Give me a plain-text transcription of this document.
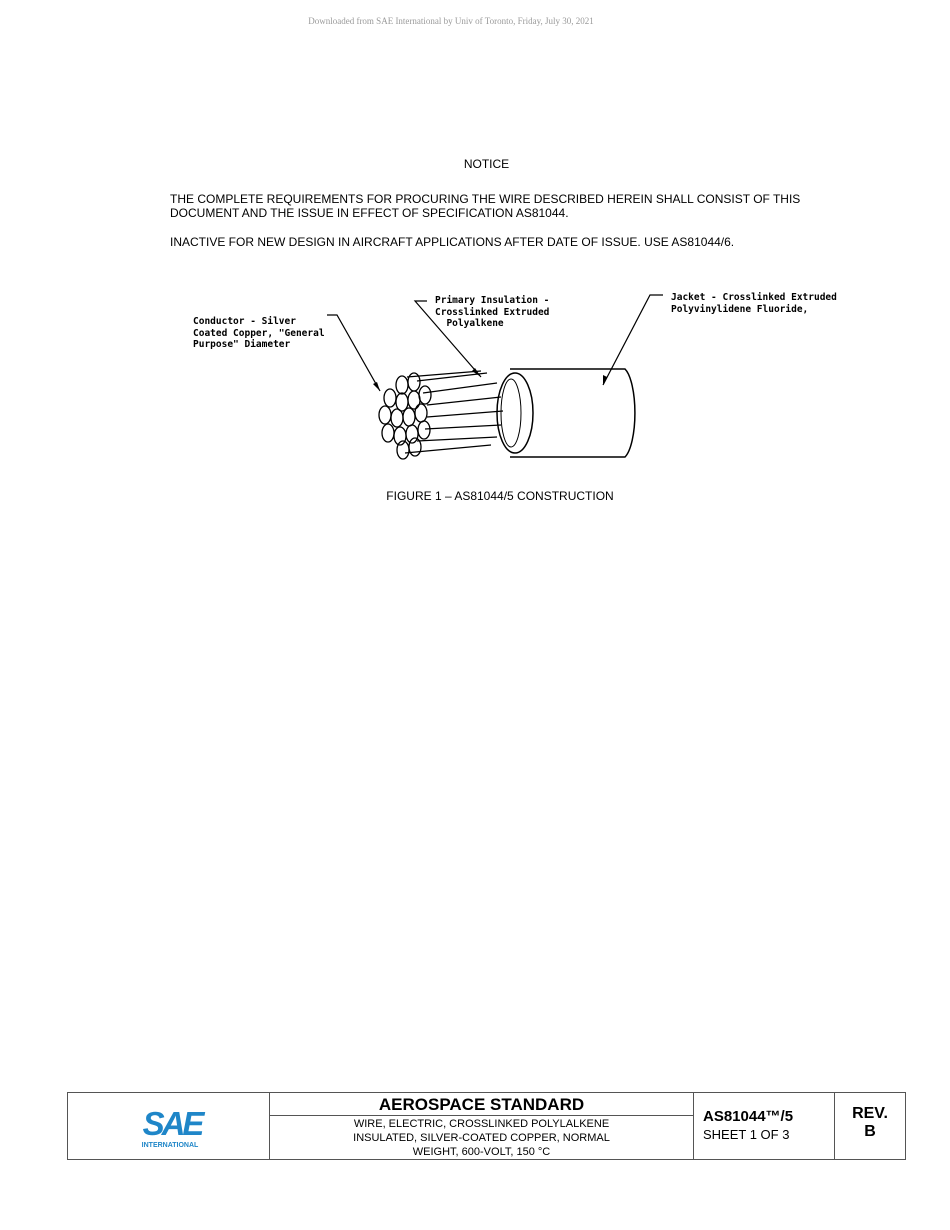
Downloaded from SAE International by Univ of Toronto, Friday, July 30, 2021
NOTICE
THE COMPLETE REQUIREMENTS FOR PROCURING THE WIRE DESCRIBED HEREIN SHALL CONSIST OF THIS DOCUMENT AND THE ISSUE IN EFFECT OF SPECIFICATION AS81044.
INACTIVE FOR NEW DESIGN IN AIRCRAFT APPLICATIONS AFTER DATE OF ISSUE. USE AS81044/6.
Conductor - Silver
Coated Copper, "General
Purpose" Diameter
Primary Insulation -
Crosslinked Extruded
Polyalkene
Jacket - Crosslinked Extruded
Polyvinylidene Fluoride,
FIGURE 1 – AS81044/5 CONSTRUCTION
SAE
INTERNATIONAL
AEROSPACE STANDARD
WIRE, ELECTRIC, CROSSLINKED POLYLALKENE
INSULATED, SILVER-COATED COPPER, NORMAL
WEIGHT, 600-VOLT, 150 °C
AS81044™/5
SHEET 1 OF 3
REV.
B
